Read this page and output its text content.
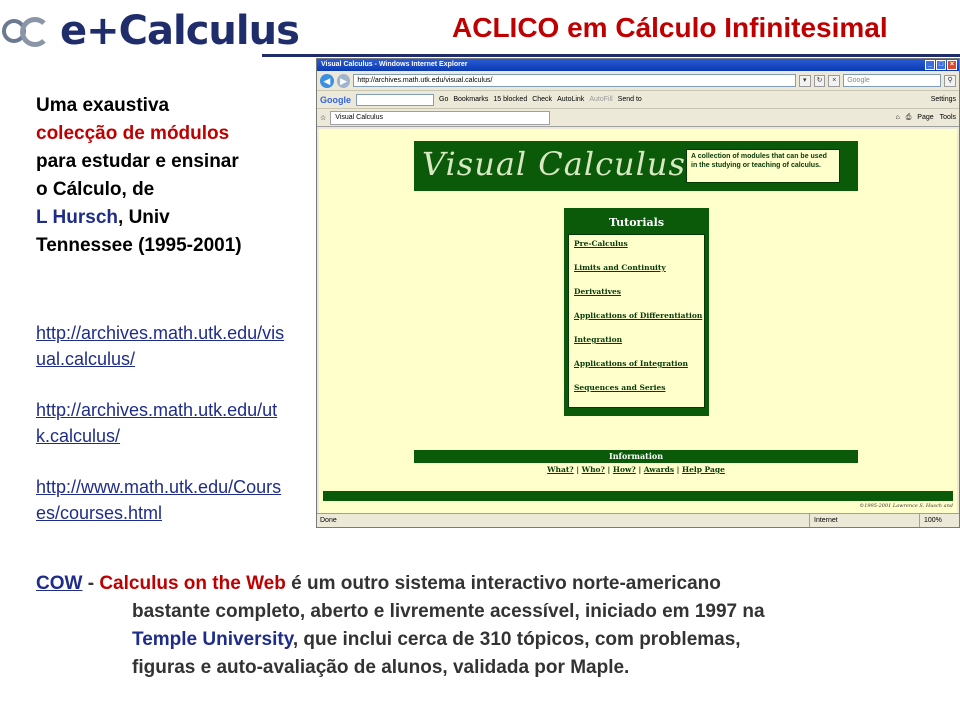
e+Calculus	ACLICO em Cálculo Infinitesimal
Uma exaustiva
colecção de módulos
para estudar e ensinar
o Cálculo, de
L Hursch, Univ
Tennessee (1995-2001)
http://archives.math.utk.edu/visual.calculus/
http://archives.math.utk.edu/utk.calculus/
http://www.math.utk.edu/Courses/courses.html
Visual Calculus - Windows Internet Explorer	_ □ ×
◀	▶	http://archives.math.utk.edu/visual.calculus/	▾	↻	×	Google	⚲
Google	Go Bookmarks 15 blocked Check AutoLink AutoFill Send to	Settings
☆	Visual Calculus	⌂ ⎙ Page Tools
Visual Calculus A collection of modules that can be used in the studying or teaching of calculus.
Tutorials
Pre-Calculus
Limits and Continuity
Derivatives
Applications of Differentiation
Integration
Applications of Integration
Sequences and Series
Information
What? | Who? | How? | Awards | Help Page
©1995-2001 Lawrence S. Husch and
Done	Internet	100%
COW - Calculus on the Web é um outro sistema interactivo norte-americano
bastante completo, aberto e livremente acessível, iniciado em 1997 na
Temple University, que inclui cerca de 310 tópicos, com problemas,
figuras e auto-avaliação de alunos, validada por Maple.
